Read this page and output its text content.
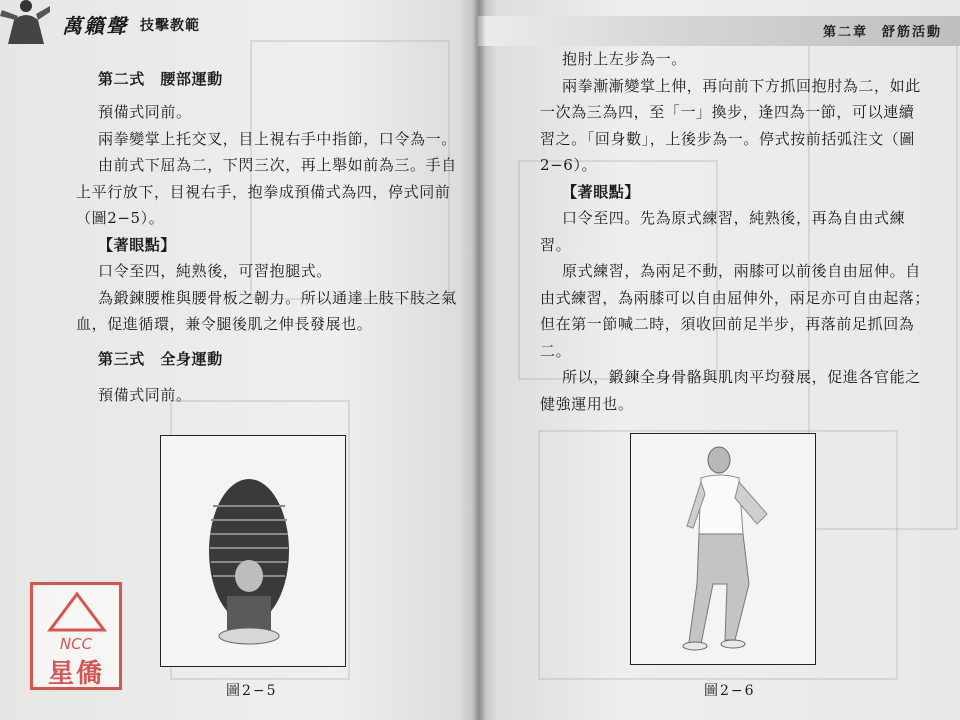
萬籟聲 技擊教範

第二式　腰部運動

預備式同前。

兩拳變掌上托交叉，目上視右手中指節，口令為一。

由前式下屈為二，下閃三次，再上舉如前為三。手自

上平行放下，目視右手，抱拳成預備式為四，停式同前

（圖2−5）。

【著眼點】

口令至四，純熟後，可習抱腿式。

為鍛鍊腰椎與腰骨板之韌力。所以通達上肢下肢之氣

血，促進循環，兼令腿後肌之伸長發展也。

第三式　全身運動

預備式同前。

圖2−5
NCC
星僑
第二章 舒筋活動

抱肘上左步為一。

兩拳漸漸變掌上伸，再向前下方抓回抱肘為二，如此

一次為三為四，至「一」換步，逢四為一節，可以連續

習之。「回身數」，上後步為一。停式按前括弧注文（圖

2−6）。

【著眼點】

口令至四。先為原式練習，純熟後，再為自由式練

習。

原式練習，為兩足不動，兩膝可以前後自由屈伸。自

由式練習，為兩膝可以自由屈伸外，兩足亦可自由起落；

但在第一節喊二時，須收回前足半步，再落前足抓回為

二。

所以，鍛鍊全身骨骼與肌肉平均發展，促進各官能之

健強運用也。

圖2−6
